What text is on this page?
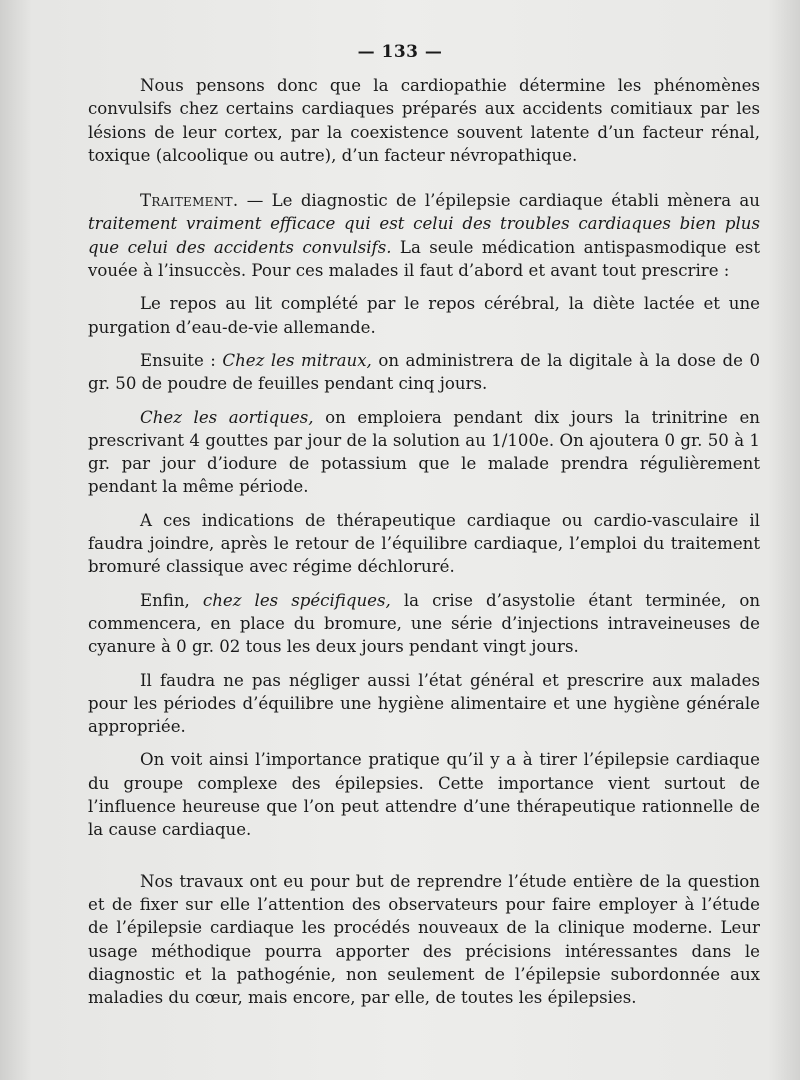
— 133 —

Nous pensons donc que la cardiopathie détermine les phénomènes convulsifs chez certains cardiaques préparés aux accidents comitiaux par les lésions de leur cortex, par la coexistence souvent latente d’un facteur rénal, toxique (alcoolique ou autre), d’un facteur névropathique.

Traitement. — Le diagnostic de l’épilepsie cardiaque établi mènera au traitement vraiment efficace qui est celui des troubles cardiaques bien plus que celui des accidents convulsifs. La seule médication antispasmodique est vouée à l’insuccès. Pour ces malades il faut d’abord et avant tout prescrire :

Le repos au lit complété par le repos cérébral, la diète lactée et une purgation d’eau-de-vie allemande.

Ensuite : Chez les mitraux, on administrera de la digitale à la dose de 0 gr. 50 de poudre de feuilles pendant cinq jours.

Chez les aortiques, on emploiera pendant dix jours la trinitrine en prescrivant 4 gouttes par jour de la solution au 1/100e. On ajoutera 0 gr. 50 à 1 gr. par jour d’iodure de potassium que le malade prendra régulièrement pendant la même période.

A ces indications de thérapeutique cardiaque ou cardio-vasculaire il faudra joindre, après le retour de l’équilibre cardiaque, l’emploi du traitement bromuré classique avec régime déchloruré.

Enfin, chez les spécifiques, la crise d’asystolie étant terminée, on commencera, en place du bromure, une série d’injections intraveineuses de cyanure à 0 gr. 02 tous les deux jours pendant vingt jours.

Il faudra ne pas négliger aussi l’état général et prescrire aux malades pour les périodes d’équilibre une hygiène alimentaire et une hygiène générale appropriée.

On voit ainsi l’importance pratique qu’il y a à tirer l’épilepsie cardiaque du groupe complexe des épilepsies. Cette importance vient surtout de l’influence heureuse que l’on peut attendre d’une thérapeutique rationnelle de la cause cardiaque.

Nos travaux ont eu pour but de reprendre l’étude entière de la question et de fixer sur elle l’attention des observateurs pour faire employer à l’étude de l’épilepsie cardiaque les procédés nouveaux de la clinique moderne. Leur usage méthodique pourra apporter des précisions intéressantes dans le diagnostic et la pathogénie, non seulement de l’épilepsie subordonnée aux maladies du cœur, mais encore, par elle, de toutes les épilepsies.
